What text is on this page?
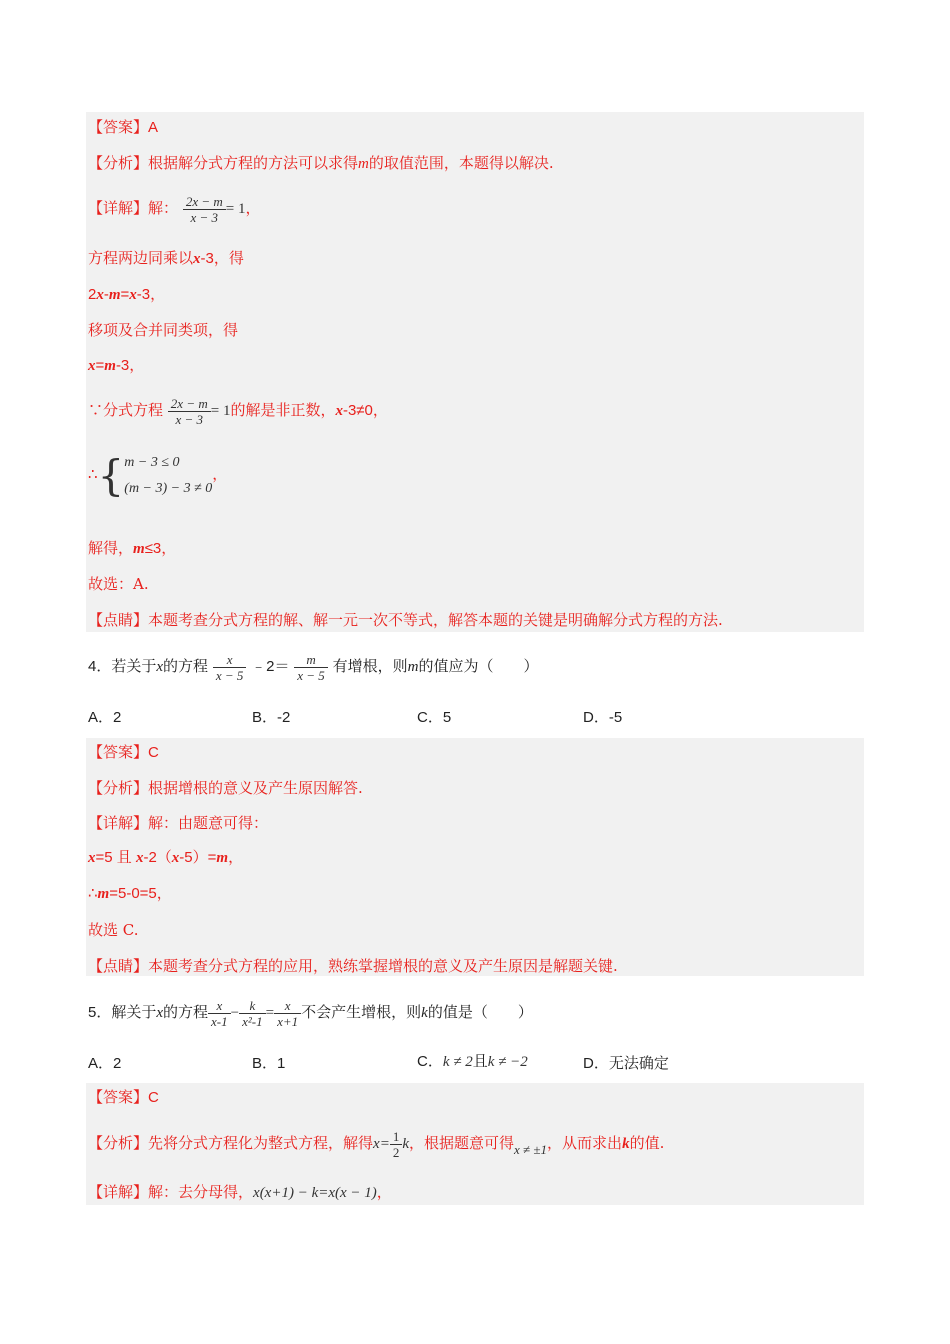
【答案】A
【分析】根据解分式方程的方法可以求得m的取值范围，本题得以解决.
【详解】解： $\frac{2x - m}{x - 3} = 1$，
方程两边同乘以x-3，得
2x-m=x-3，
移项及合并同类项，得
x=m-3，
∵分式方程 $\frac{2x - m}{x - 3} = 1$的解是非正数，x-3≠0，
∴{ m − 3 ≤ 0
(m − 3) − 3 ≠ 0
，
解得，m≤3，
故选：A.
【点睛】本题考查分式方程的解、解一元一次不等式，解答本题的关键是明确解分式方程的方法.
4．若关于x的方程 $\frac{x}{x - 5}$ ﹣2＝ $\frac{m}{x - 5}$ 有增根，则m的值应为（　　）
A．2	B．-2	C．5	D．-5
【答案】C
【分析】根据增根的意义及产生原因解答.
【详解】解：由题意可得：
x=5 且 x-2（x-5）=m，
∴m=5-0=5，
故选 C.
【点睛】本题考查分式方程的应用，熟练掌握增根的意义及产生原因是解题关键.
5．解关于x的方程 $\frac{x}{x-1} - \frac{k}{\text{x²-1}} = \frac{x}{x+1}$ 不会产生增根，则k的值是（　　）
A．2	B．1	C．k ≠ 2且k ≠ −2	D．无法确定
【答案】C
【分析】先将分式方程化为整式方程，解得$x= \frac{1}{2}$ k，根据题意可得x ≠ ±1，从而求出k的值.
【详解】解：去分母得，x(x+1) − k=x(x − 1)，
